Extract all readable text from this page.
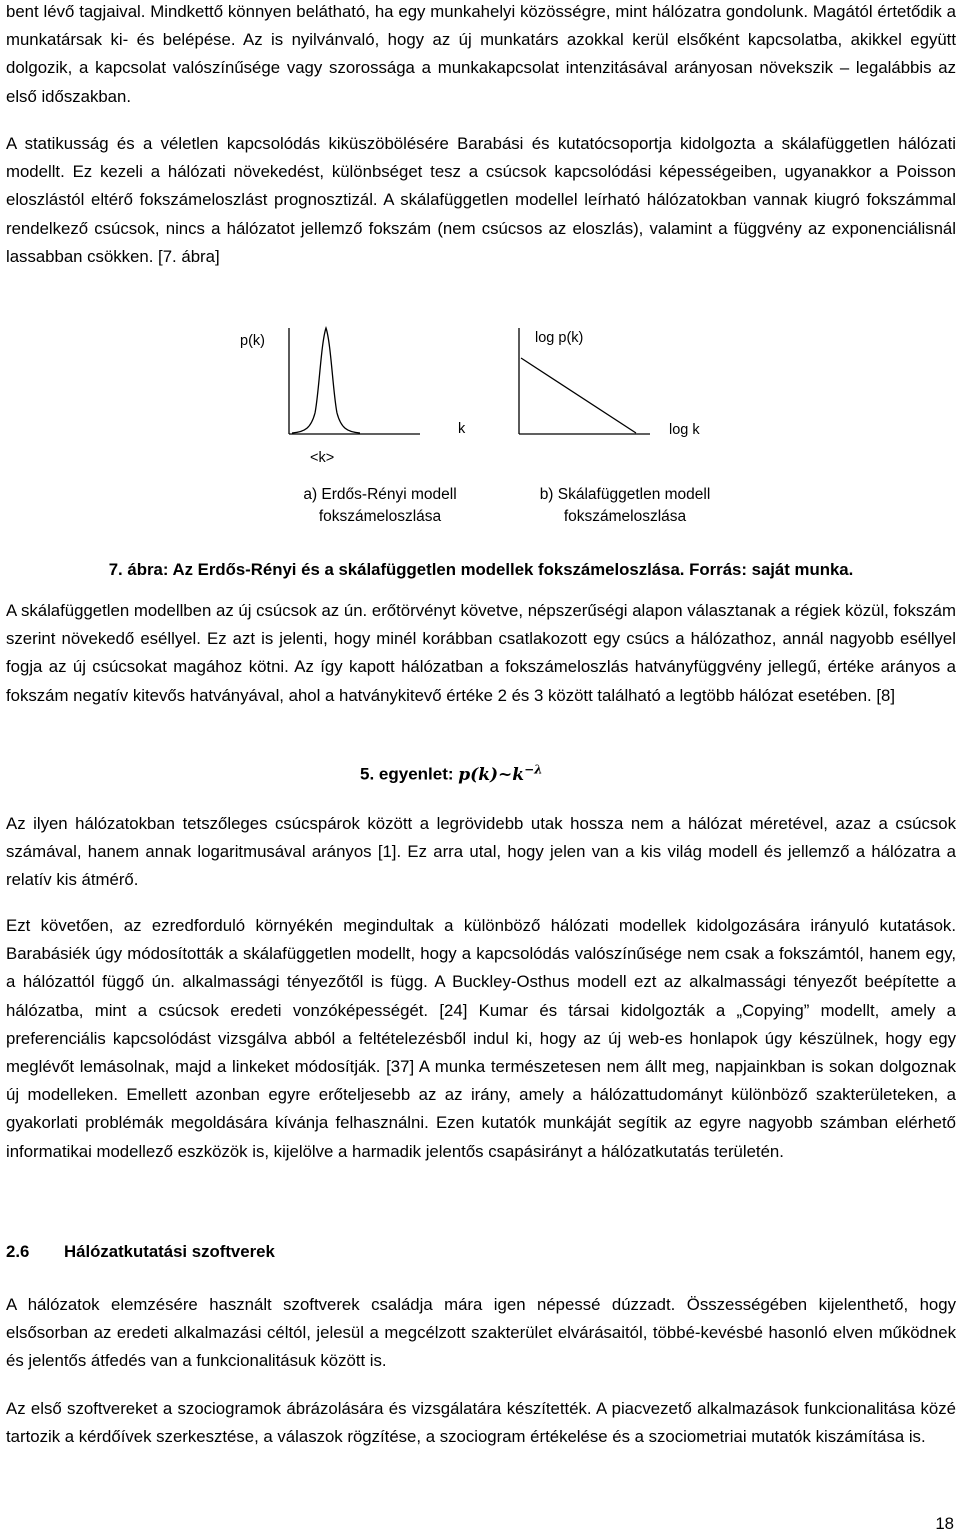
bent lévő tagjaival. Mindkettő könnyen belátható, ha egy munkahelyi közösségre, mint hálózatra gondolunk. Magától értetődik a munkatársak ki- és belépése. Az is nyilvánvaló, hogy az új munkatárs azokkal kerül elsőként kapcsolatba, akikkel együtt dolgozik, a kapcsolat valószínűsége vagy szorossága a munkakapcsolat intenzitásával arányosan növekszik – legalábbis az első időszakban.

A statikusság és a véletlen kapcsolódás kiküszöbölésére Barabási és kutatócsoportja kidolgozta a skálafüggetlen hálózati modellt. Ez kezeli a hálózati növekedést, különbséget tesz a csúcsok kapcsolódási képességeiben, ugyanakkor a Poisson eloszlástól eltérő fokszámeloszlást prognosztizál. A skálafüggetlen modellel leírható hálózatokban vannak kiugró fokszámmal rendelkező csúcsok, nincs a hálózatot jellemző fokszám (nem csúcsos az eloszlás), valamint a függvény az exponenciálisnál lassabban csökken. [7. ábra]

p(k)
k
<k>
log p(k)
log k
a) Erdős-Rényi modell
fokszámeloszlása
b) Skálafüggetlen modell
fokszámeloszlása
7. ábra: Az Erdős-Rényi és a skálafüggetlen modellek fokszámeloszlása. Forrás: saját munka.

A skálafüggetlen modellben az új csúcsok az ún. erőtörvényt követve, népszerűségi alapon választanak a régiek közül, fokszám szerint növekedő eséllyel. Ez azt is jelenti, hogy minél korábban csatlakozott egy csúcs a hálózathoz, annál nagyobb eséllyel fogja az új csúcsokat magához kötni. Az így kapott hálózatban a fokszámeloszlás hatványfüggvény jellegű, értéke arányos a fokszám negatív kitevős hatványával, ahol a hatványkitevő értéke 2 és 3 között található a legtöbb hálózat esetében. [8]

5. egyenlet: $p(k)\sim k^{-\lambda}$

Az ilyen hálózatokban tetszőleges csúcspárok között a legrövidebb utak hossza nem a hálózat méretével, azaz a csúcsok számával, hanem annak logaritmusával arányos [1]. Ez arra utal, hogy jelen van a kis világ modell és jellemző a hálózatra a relatív kis átmérő.

Ezt követően, az ezredforduló környékén megindultak a különböző hálózati modellek kidolgozására irányuló kutatások. Barabásiék úgy módosították a skálafüggetlen modellt, hogy a kapcsolódás valószínűsége nem csak a fokszámtól, hanem egy, a hálózattól függő ún. alkalmassági tényezőtől is függ. A Buckley-Osthus modell ezt az alkalmassági tényezőt beépítette a hálózatba, mint a csúcsok eredeti vonzóképességét. [24] Kumar és társai kidolgozták a „Copying” modellt, amely a preferenciális kapcsolódást vizsgálva abból a feltételezésből indul ki, hogy az új web-es honlapok úgy készülnek, hogy egy meglévőt lemásolnak, majd a linkeket módosítják. [37] A munka természetesen nem állt meg, napjainkban is sokan dolgoznak új modelleken. Emellett azonban egyre erőteljesebb az az irány, amely a hálózattudományt különböző szakterületeken, a gyakorlati problémák megoldására kívánja felhasználni. Ezen kutatók munkáját segítik az egyre nagyobb számban elérhető informatikai modellező eszközök is, kijelölve a harmadik jelentős csapásirányt a hálózatkutatás területén.

2.6 Hálózatkutatási szoftverek

A hálózatok elemzésére használt szoftverek családja mára igen népessé dúzzadt. Összességében kijelenthető, hogy elsősorban az eredeti alkalmazási céltól, jelesül a megcélzott szakterület elvárásaitól, többé-kevésbé hasonló elven működnek és jelentős átfedés van a funkcionalitásuk között is.

Az első szoftvereket a szociogramok ábrázolására és vizsgálatára készítették. A piacvezető alkalmazások funkcionalitása közé tartozik a kérdőívek szerkesztése, a válaszok rögzítése, a szociogram értékelése és a szociometriai mutatók kiszámítása is.

18
